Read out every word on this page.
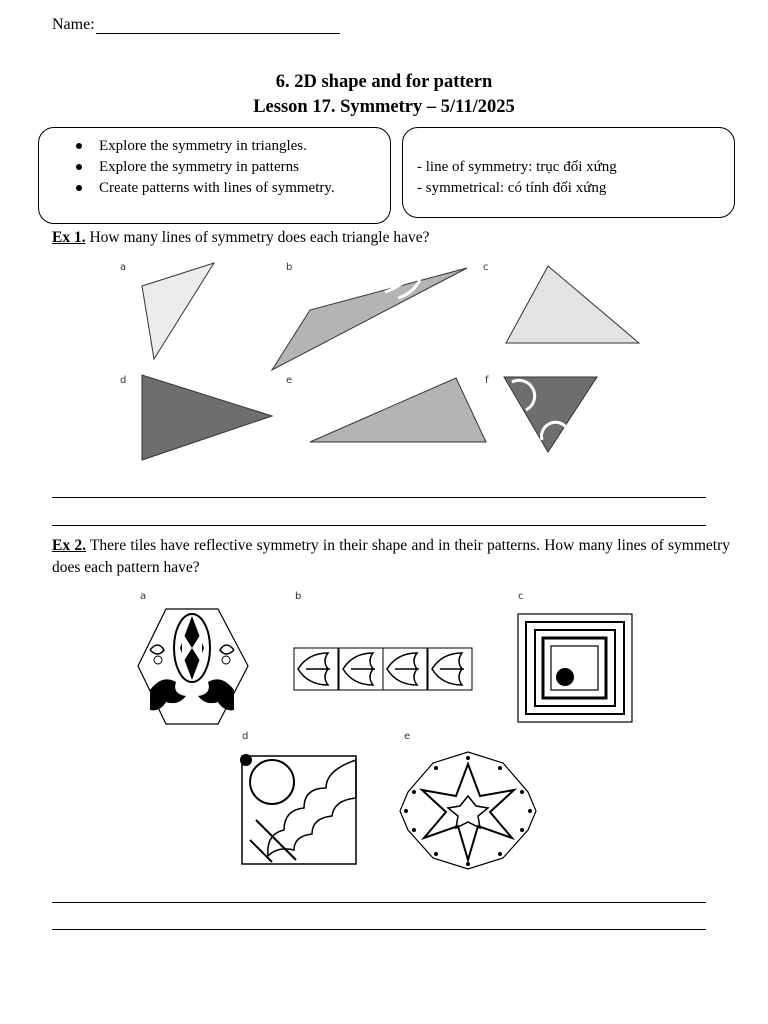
Name:
6. 2D shape and for pattern
Lesson 17. Symmetry – 5/11/2025
Explore the symmetry in triangles.
Explore the symmetry in patterns
Create patterns with lines of symmetry.
- line of symmetry: trục đối xứng
- symmetrical: có tính đối xứng
Ex 1. How many lines of symmetry does each triangle have?
a	b	c
d	e	f
Ex 2. There tiles have reflective symmetry in their shape and in their patterns. How many lines of symmetry does each pattern have?
a	b	c
d	e
